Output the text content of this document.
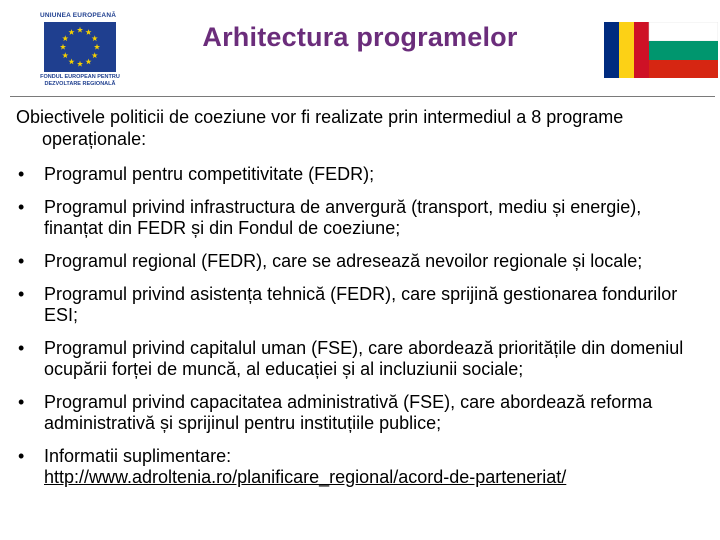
UNIUNEA EUROPEANĂ
FONDUL EUROPEAN PENTRU DEZVOLTARE REGIONALĂ
Arhitectura programelor
Obiectivele politicii de coeziune vor fi realizate prin intermediul a 8 programe operaționale:
• Programul pentru competitivitate (FEDR);
• Programul privind infrastructura de anvergură (transport, mediu și energie), finanțat din FEDR și din Fondul de coeziune;
• Programul regional (FEDR), care se adresează nevoilor regionale și locale;
• Programul privind asistența tehnică (FEDR), care sprijină gestionarea fondurilor ESI;
• Programul privind capitalul uman (FSE), care abordează prioritățile din domeniul ocupării forței de muncă, al educației și al incluziunii sociale;
• Programul privind capacitatea administrativă (FSE), care abordează reforma administrativă și sprijinul pentru instituțiile publice;
• Informatii suplimentare:
http://www.adroltenia.ro/planificare_regional/acord-de-parteneriat/
